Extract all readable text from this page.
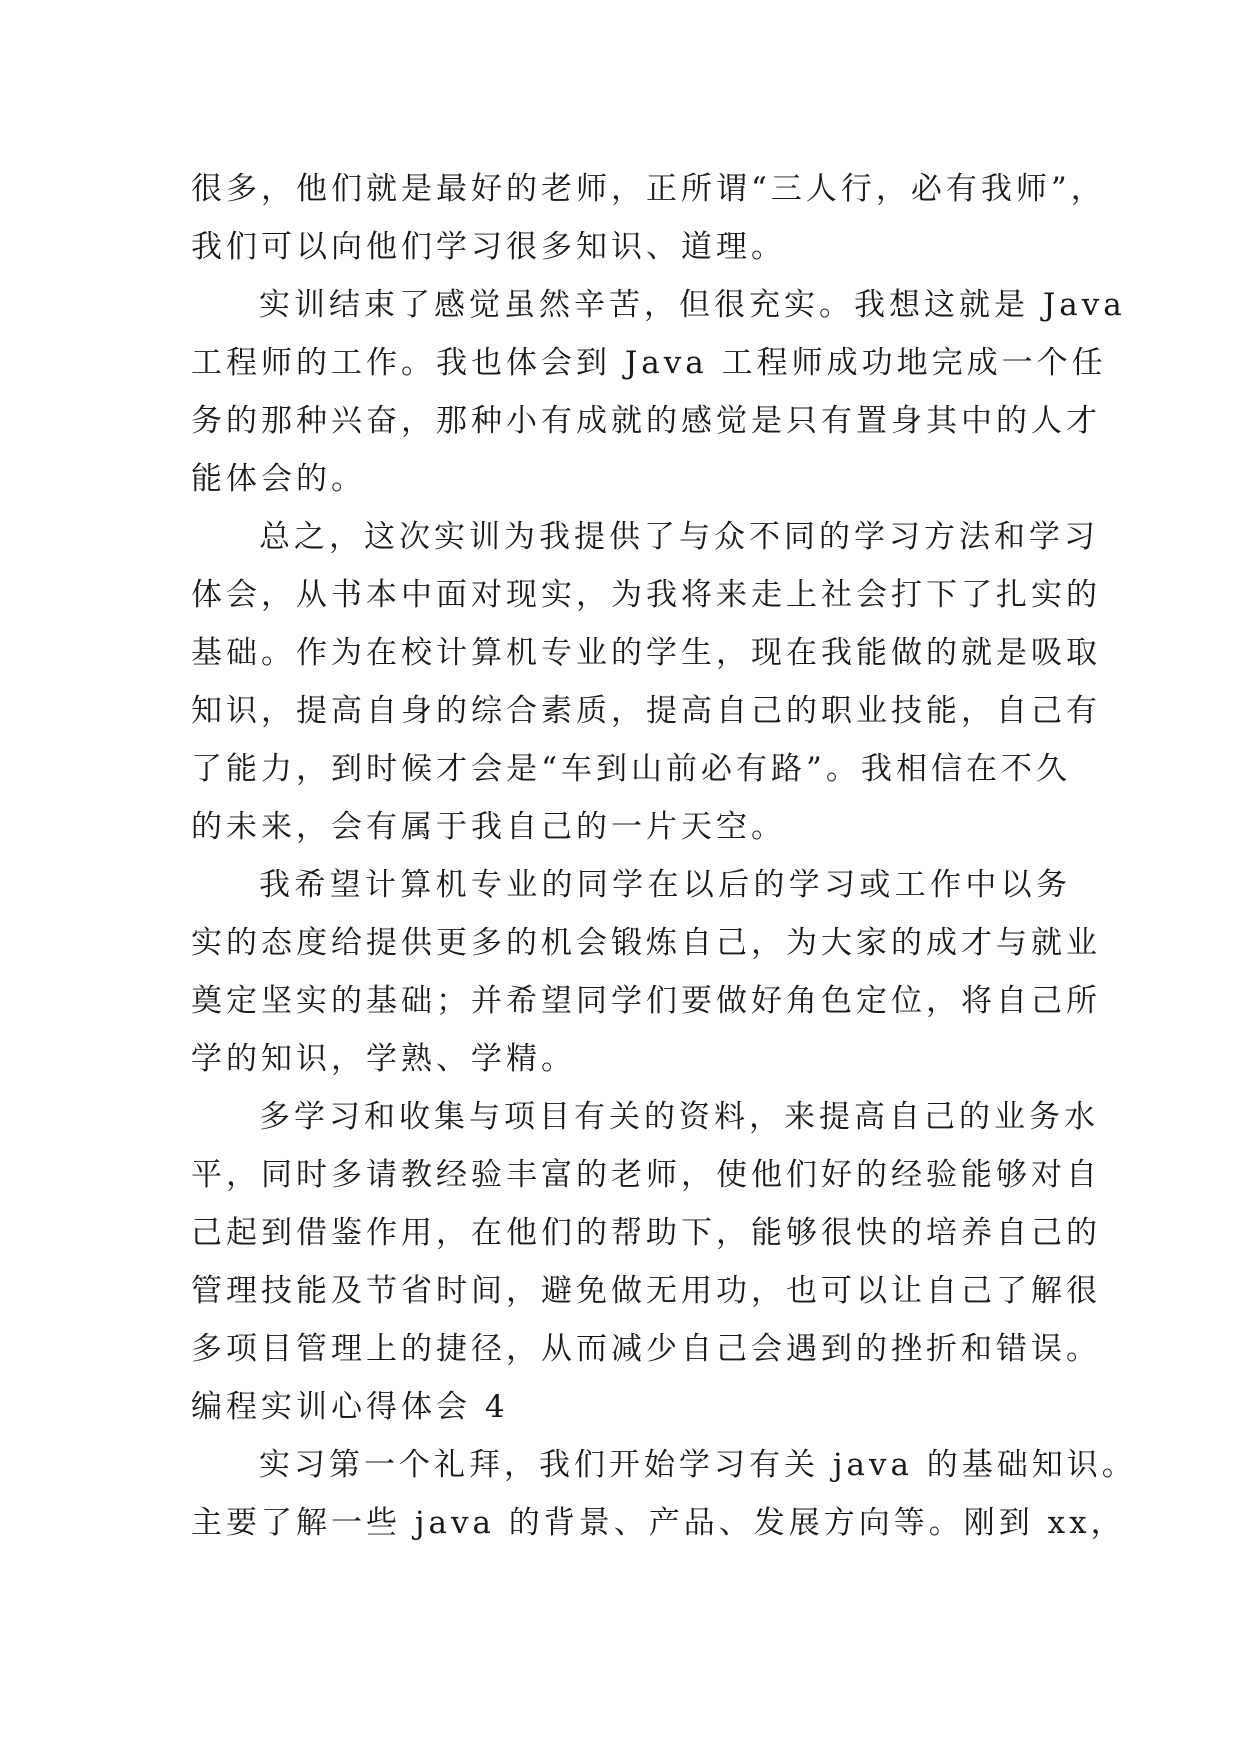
很多，他们就是最好的老师，正所谓“三人行，必有我师”，
我们可以向他们学习很多知识、道理。
实训结束了感觉虽然辛苦，但很充实。我想这就是 Java
工程师的工作。我也体会到 Java 工程师成功地完成一个任
务的那种兴奋，那种小有成就的感觉是只有置身其中的人才
能体会的。
总之，这次实训为我提供了与众不同的学习方法和学习
体会，从书本中面对现实，为我将来走上社会打下了扎实的
基础。作为在校计算机专业的学生，现在我能做的就是吸取
知识，提高自身的综合素质，提高自己的职业技能，自己有
了能力，到时候才会是“车到山前必有路”。我相信在不久
的未来，会有属于我自己的一片天空。
我希望计算机专业的同学在以后的学习或工作中以务
实的态度给提供更多的机会锻炼自己，为大家的成才与就业
奠定坚实的基础；并希望同学们要做好角色定位，将自己所
学的知识，学熟、学精。
多学习和收集与项目有关的资料，来提高自己的业务水
平，同时多请教经验丰富的老师，使他们好的经验能够对自
己起到借鉴作用，在他们的帮助下，能够很快的培养自己的
管理技能及节省时间，避免做无用功，也可以让自己了解很
多项目管理上的捷径，从而减少自己会遇到的挫折和错误。
编程实训心得体会 4
实习第一个礼拜，我们开始学习有关 java 的基础知识。
主要了解一些 java 的背景、产品、发展方向等。刚到 xx，
